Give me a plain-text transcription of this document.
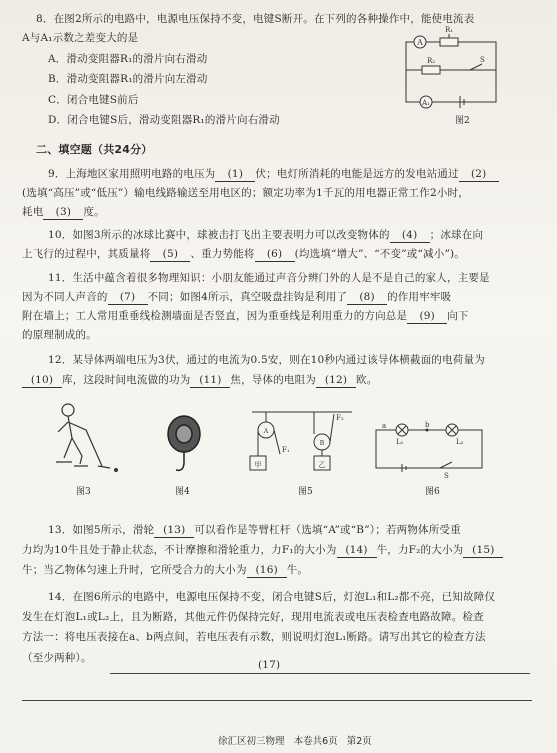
8．在图2所示的电路中，电源电压保持不变，电键S断开。在下列的各种操作中，能使电流表
A与A₁示数之差变大的是
A．滑动变阻器R₁的滑片向右滑动
B．滑动变阻器R₁的滑片向左滑动
C．闭合电键S前后
D．闭合电键S后，滑动变阻器R₁的滑片向右滑动
A
R₁
R₂	S
A₁
图2
二、填空题（共24分）
9．上海地区家用照明电路的电压为 (1) 伏；电灯所消耗的电能是远方的发电站通过 (2)
(选填“高压”或“低压”）输电线路输送至用电区的；额定功率为1千瓦的用电器正常工作2小时，
耗电 (3) 度。
10．如图3所示的冰球比赛中，球被击打飞出主要表明力可以改变物体的 (4) ；冰球在向
上飞行的过程中，其质量将 (5) 、重力势能将 (6) (均选填“增大”、“不变”或“减小”)。
11．生活中蕴含着很多物理知识：小朋友能通过声音分辨门外的人是不是自己的家人，主要是
因为不同人声音的 (7) 不同；如图4所示，真空吸盘挂钩是利用了 (8) 的作用牢牢吸
附在墙上；工人常用重垂线检测墙面是否竖直，因为重垂线是利用重力的方向总是 (9) 向下
的原理制成的。
12．某导体两端电压为3伏，通过的电流为0.5安，则在10秒内通过该导体横截面的电荷量为
(10) 库，这段时间电流做的功为 (11) 焦，导体的电阻为 (12) 欧。
图3	图4
甲	乙
F₁
F₂
A
B
图5
L₁	L₂
a	b
S
图6
13．如图5所示，滑轮 (13) 可以看作是等臂杠杆（选填“A”或“B”）；若两物体所受重
力均为10牛且处于静止状态，不计摩擦和滑轮重力，力F₁的大小为 (14) 牛，力F₂的大小为 (15)
牛；当乙物体匀速上升时，它所受合力的大小为 (16) 牛。
14．在图6所示的电路中，电源电压保持不变，闭合电键S后，灯泡L₁和L₂都不亮，已知故障仅
发生在灯泡L₁或L₂上，且为断路，其他元件仍保持完好，现用电流表或电压表检查电路故障。检查
方法一：将电压表接在a、b两点间，若电压表有示数，则说明灯泡L₁断路。请写出其它的检查方法
（至少两种）。
(17)
徐汇区初三物理 本卷共6页 第2页
